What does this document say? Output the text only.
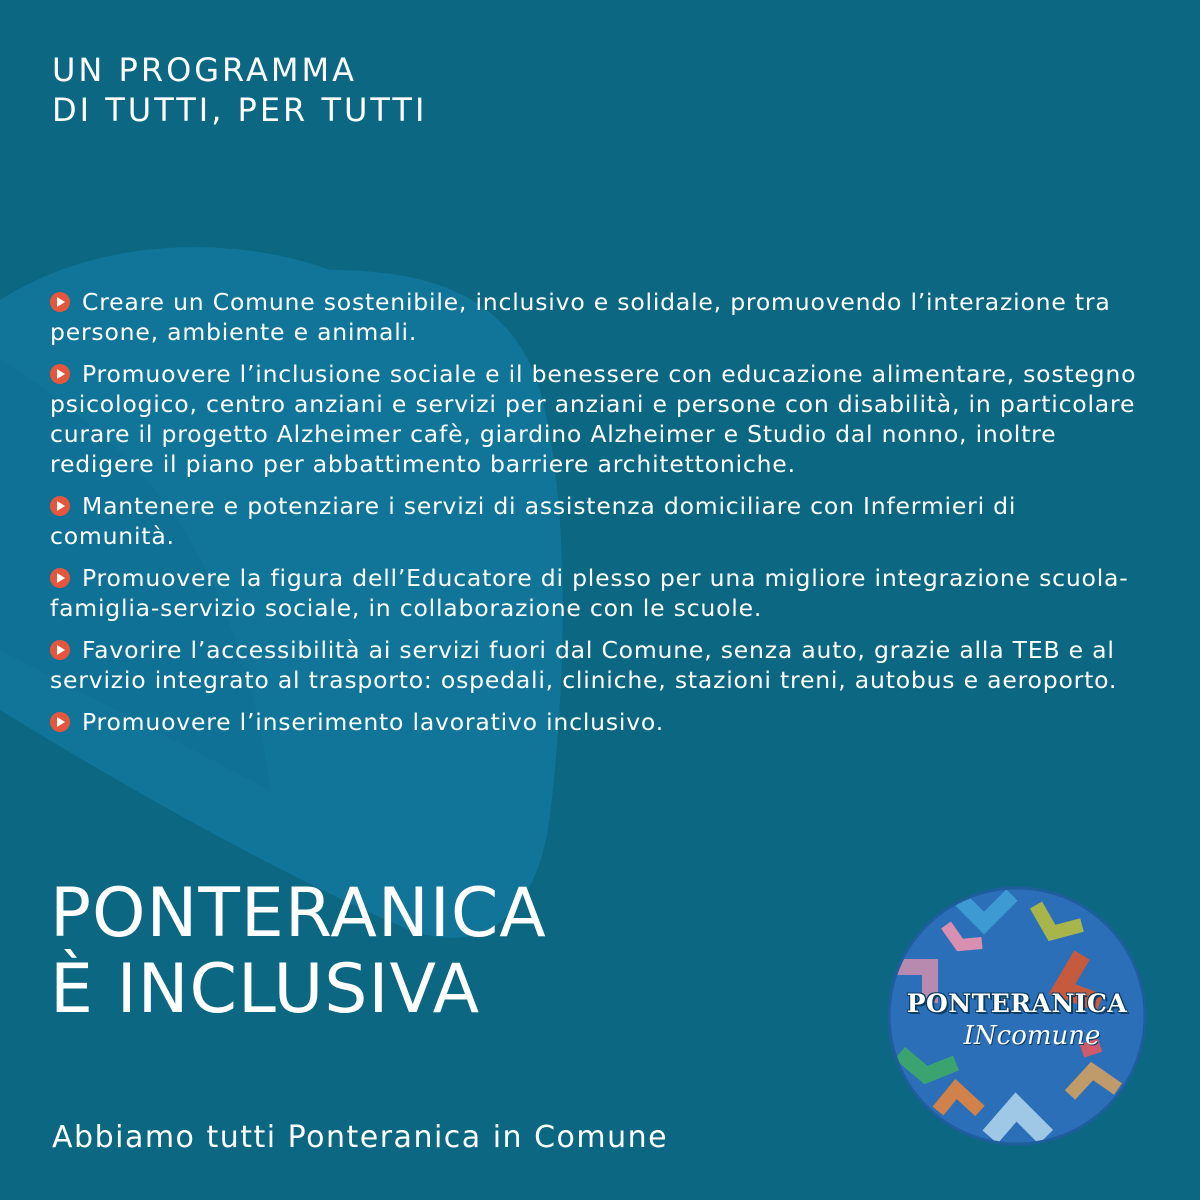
UN PROGRAMMA
DI TUTTI, PER TUTTI
Creare un Comune sostenibile, inclusivo e solidale, promuovendo l’interazione tra persone, ambiente e animali.
Promuovere l’inclusione sociale e il benessere con educazione alimentare, sostegno psicologico, centro anziani e servizi per anziani e persone con disabilità, in particolare curare il progetto Alzheimer cafè, giardino Alzheimer e Studio dal nonno, inoltre redigere il piano per abbattimento barriere architettoniche.
Mantenere e potenziare i servizi di assistenza domiciliare con Infermieri di comunità.
Promuovere la figura dell’Educatore di plesso per una migliore integrazione scuola-famiglia-servizio sociale, in collaborazione con le scuole.
Favorire l’accessibilità ai servizi fuori dal Comune, senza auto, grazie alla TEB e al servizio integrato al trasporto: ospedali, cliniche, stazioni treni, autobus e aeroporto.
Promuovere l’inserimento lavorativo inclusivo.
PONTERANICA
È INCLUSIVA
Abbiamo tutti Ponteranica in Comune
PONTERANICA
INcomune
